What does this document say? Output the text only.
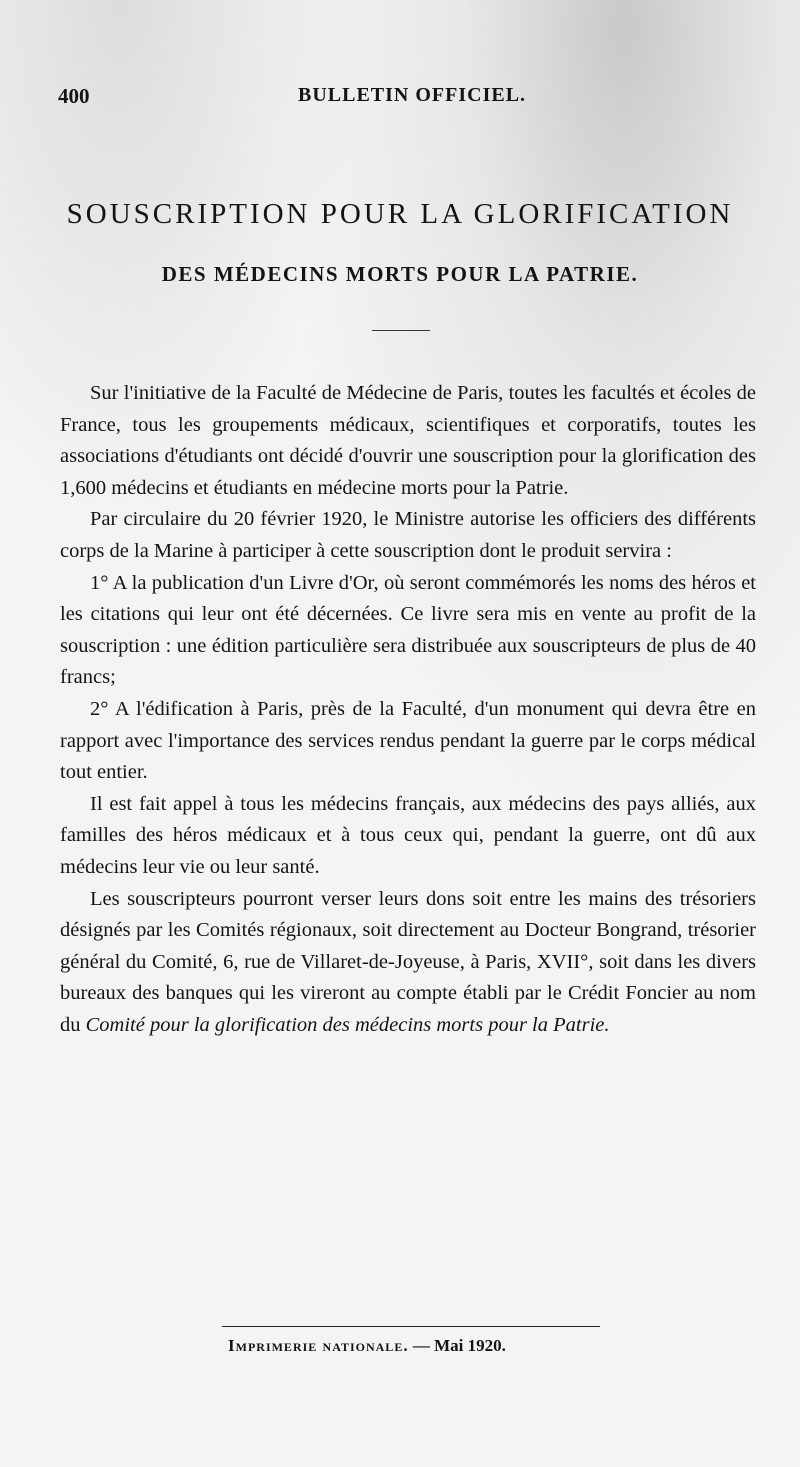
400	BULLETIN OFFICIEL.
SOUSCRIPTION POUR LA GLORIFICATION
DES MÉDECINS MORTS POUR LA PATRIE.

Sur l'initiative de la Faculté de Médecine de Paris, toutes les facultés et écoles de France, tous les groupements médicaux, scientifiques et corporatifs, toutes les associations d'étudiants ont décidé d'ouvrir une souscription pour la glorification des 1,600 médecins et étudiants en médecine morts pour la Patrie.

Par circulaire du 20 février 1920, le Ministre autorise les officiers des différents corps de la Marine à participer à cette souscription dont le produit servira :

1° A la publication d'un Livre d'Or, où seront commémorés les noms des héros et les citations qui leur ont été décernées. Ce livre sera mis en vente au profit de la souscription : une édition particulière sera distribuée aux souscripteurs de plus de 40 francs;

2° A l'édification à Paris, près de la Faculté, d'un monument qui devra être en rapport avec l'importance des services rendus pendant la guerre par le corps médical tout entier.

Il est fait appel à tous les médecins français, aux médecins des pays alliés, aux familles des héros médicaux et à tous ceux qui, pendant la guerre, ont dû aux médecins leur vie ou leur santé.

Les souscripteurs pourront verser leurs dons soit entre les mains des trésoriers désignés par les Comités régionaux, soit directement au Docteur Bongrand, trésorier général du Comité, 6, rue de Villaret-de-Joyeuse, à Paris, XVII°, soit dans les divers bureaux des banques qui les vireront au compte établi par le Crédit Foncier au nom du Comité pour la glorification des médecins morts pour la Patrie.

Imprimerie nationale. — Mai 1920.
